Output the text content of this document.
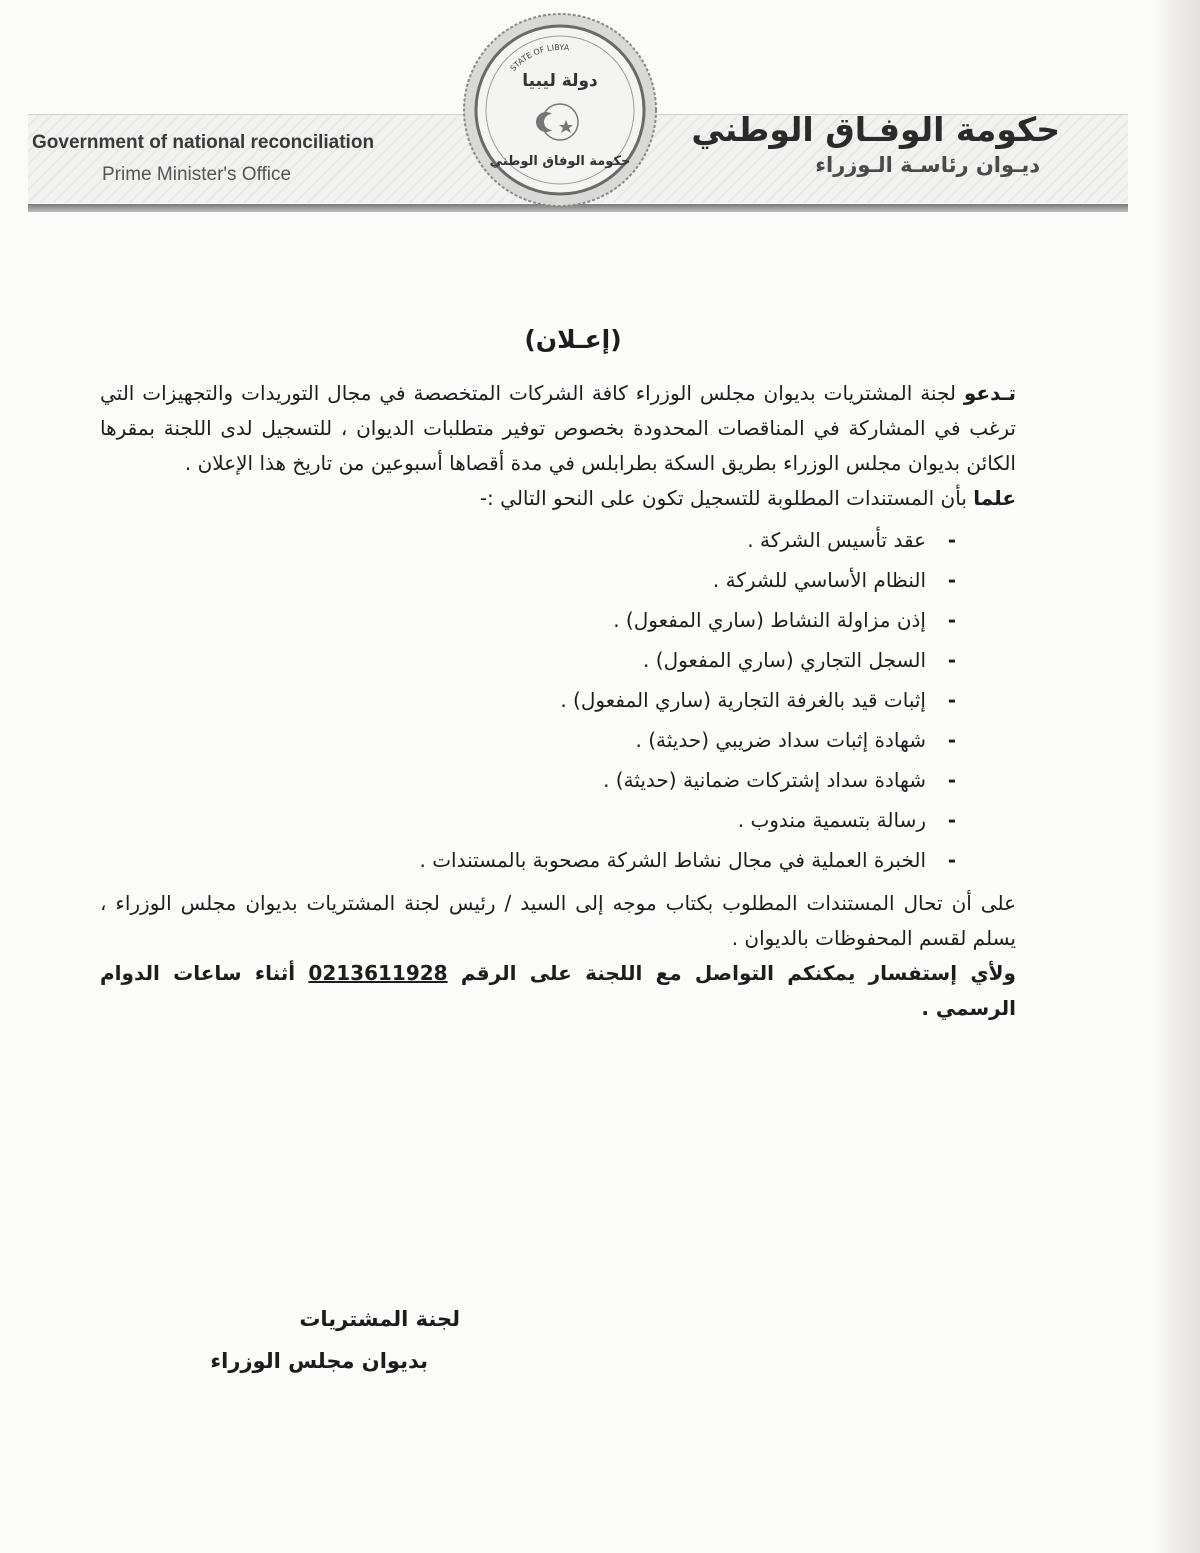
Government of national reconciliation

Prime Minister's Office

STATE OF LIBYA
دولة ليبيا
حكومة الوفاق الوطني

حكومة الوفـاق الوطني

ديـوان رئاسـة الـوزراء

(إعـلان)

تـدعو لجنة المشتريات بديوان مجلس الوزراء كافة الشركات المتخصصة في مجال التوريدات والتجهيزات التي ترغب في المشاركة في المناقصات المحدودة بخصوص توفير متطلبات الديوان ، للتسجيل لدى اللجنة بمقرها الكائن بديوان مجلس الوزراء بطريق السكة بطرابلس في مدة أقصاها أسبوعين من تاريخ هذا الإعلان .

علما بأن المستندات المطلوبة للتسجيل تكون على النحو التالي :-

- عقد تأسيس الشركة .
- النظام الأساسي للشركة .
- إذن مزاولة النشاط (ساري المفعول) .
- السجل التجاري (ساري المفعول) .
- إثبات قيد بالغرفة التجارية (ساري المفعول) .
- شهادة إثبات سداد ضريبي (حديثة) .
- شهادة سداد إشتركات ضمانية (حديثة) .
- رسالة بتسمية مندوب .
- الخبرة العملية في مجال نشاط الشركة مصحوبة بالمستندات .

على أن تحال المستندات المطلوب بكتاب موجه إلى السيد / رئيس لجنة المشتريات بديوان مجلس الوزراء ، يسلم لقسم المحفوظات بالديوان .

ولأي إستفسار يمكنكم التواصل مع اللجنة على الرقم 0213611928 أثناء ساعات الدوام الرسمي .

لجنة المشتريات

بديوان مجلس الوزراء
